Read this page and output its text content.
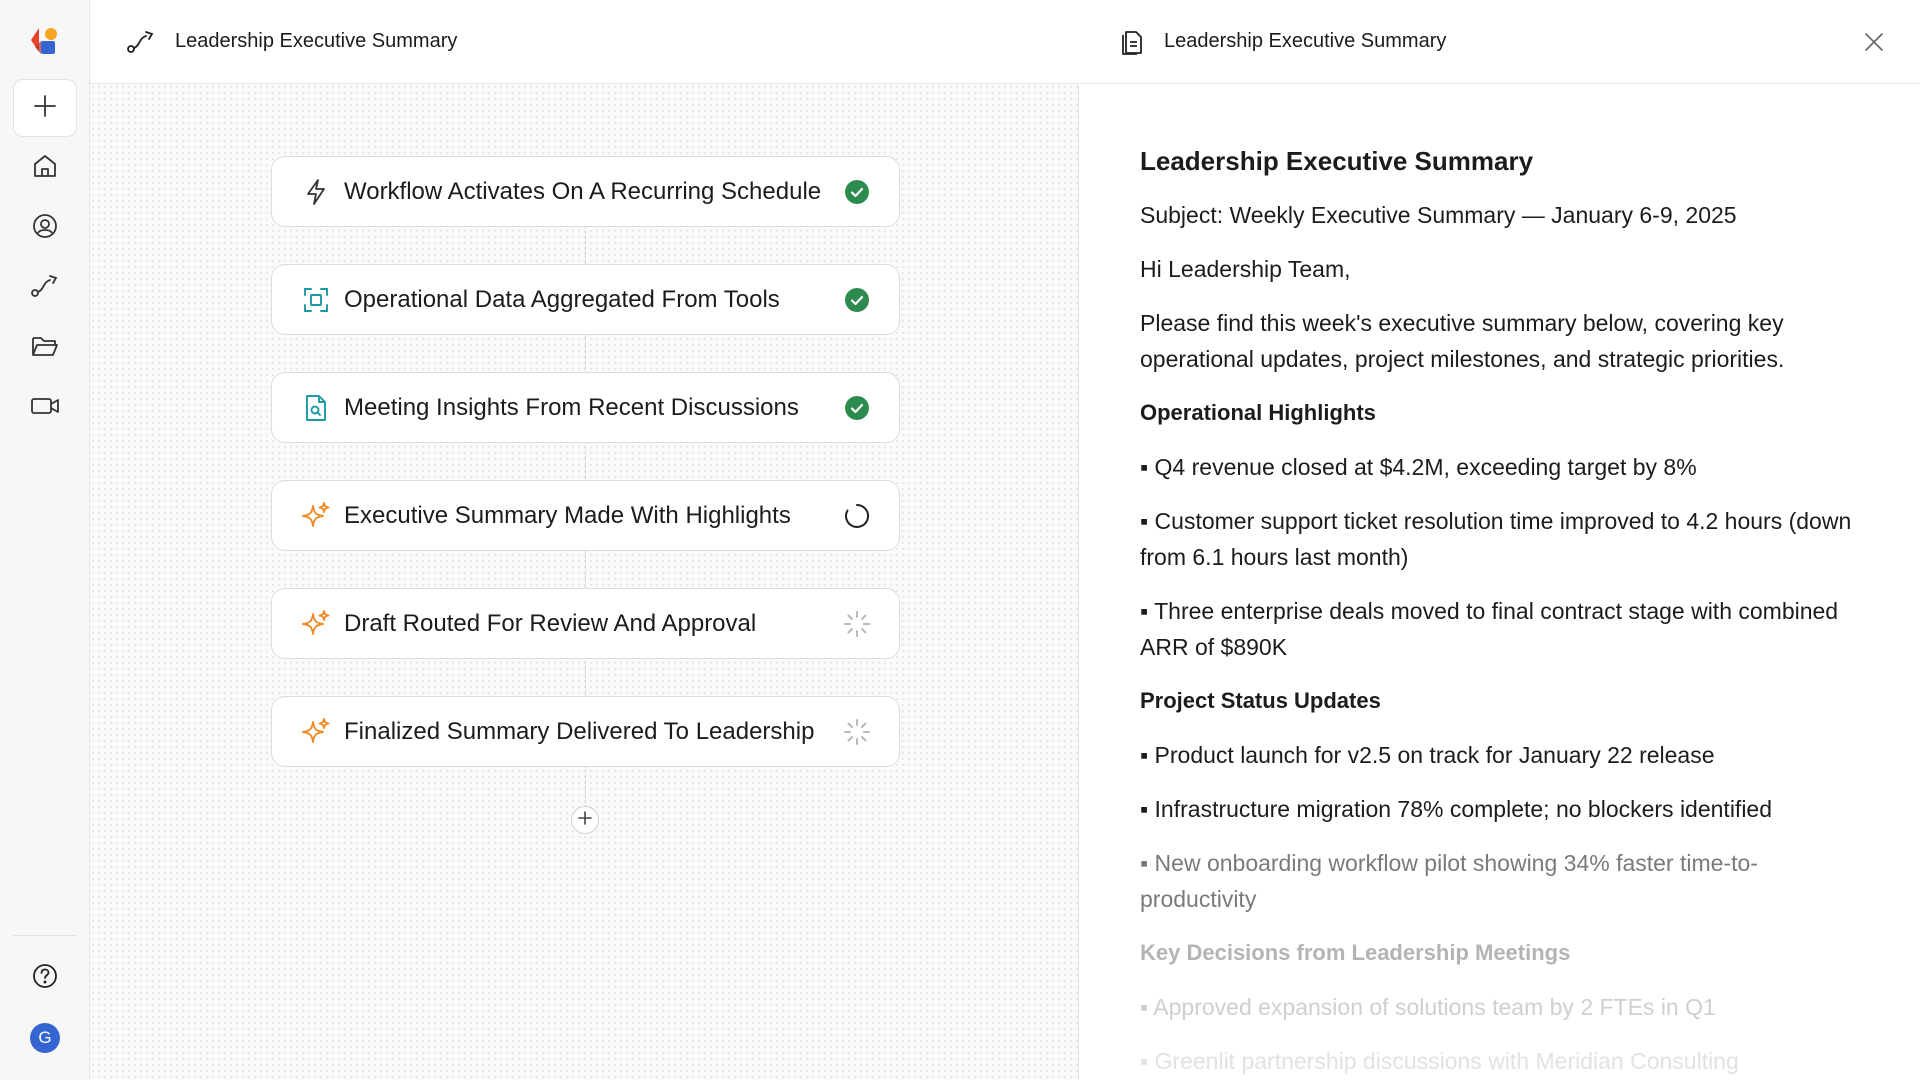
G
Leadership Executive Summary
Workflow Activates On A Recurring Schedule
Operational Data Aggregated From Tools
Meeting Insights From Recent Discussions
Executive Summary Made With Highlights
Draft Routed For Review And Approval
Finalized Summary Delivered To Leadership
Leadership Executive Summary
Leadership Executive Summary

Subject: Weekly Executive Summary — January 6-9, 2025

Hi Leadership Team,

Please find this week's executive summary below, covering key operational updates, project milestones, and strategic priorities.

Operational Highlights

▪ Q4 revenue closed at $4.2M, exceeding target by 8%

▪ Customer support ticket resolution time improved to 4.2 hours (down from 6.1 hours last month)

▪ Three enterprise deals moved to final contract stage with combined ARR of $890K

Project Status Updates

▪ Product launch for v2.5 on track for January 22 release

▪ Infrastructure migration 78% complete; no blockers identified

▪ New onboarding workflow pilot showing 34% faster time-to-productivity

Key Decisions from Leadership Meetings

▪ Approved expansion of solutions team by 2 FTEs in Q1

▪ Greenlit partnership discussions with Meridian Consulting
